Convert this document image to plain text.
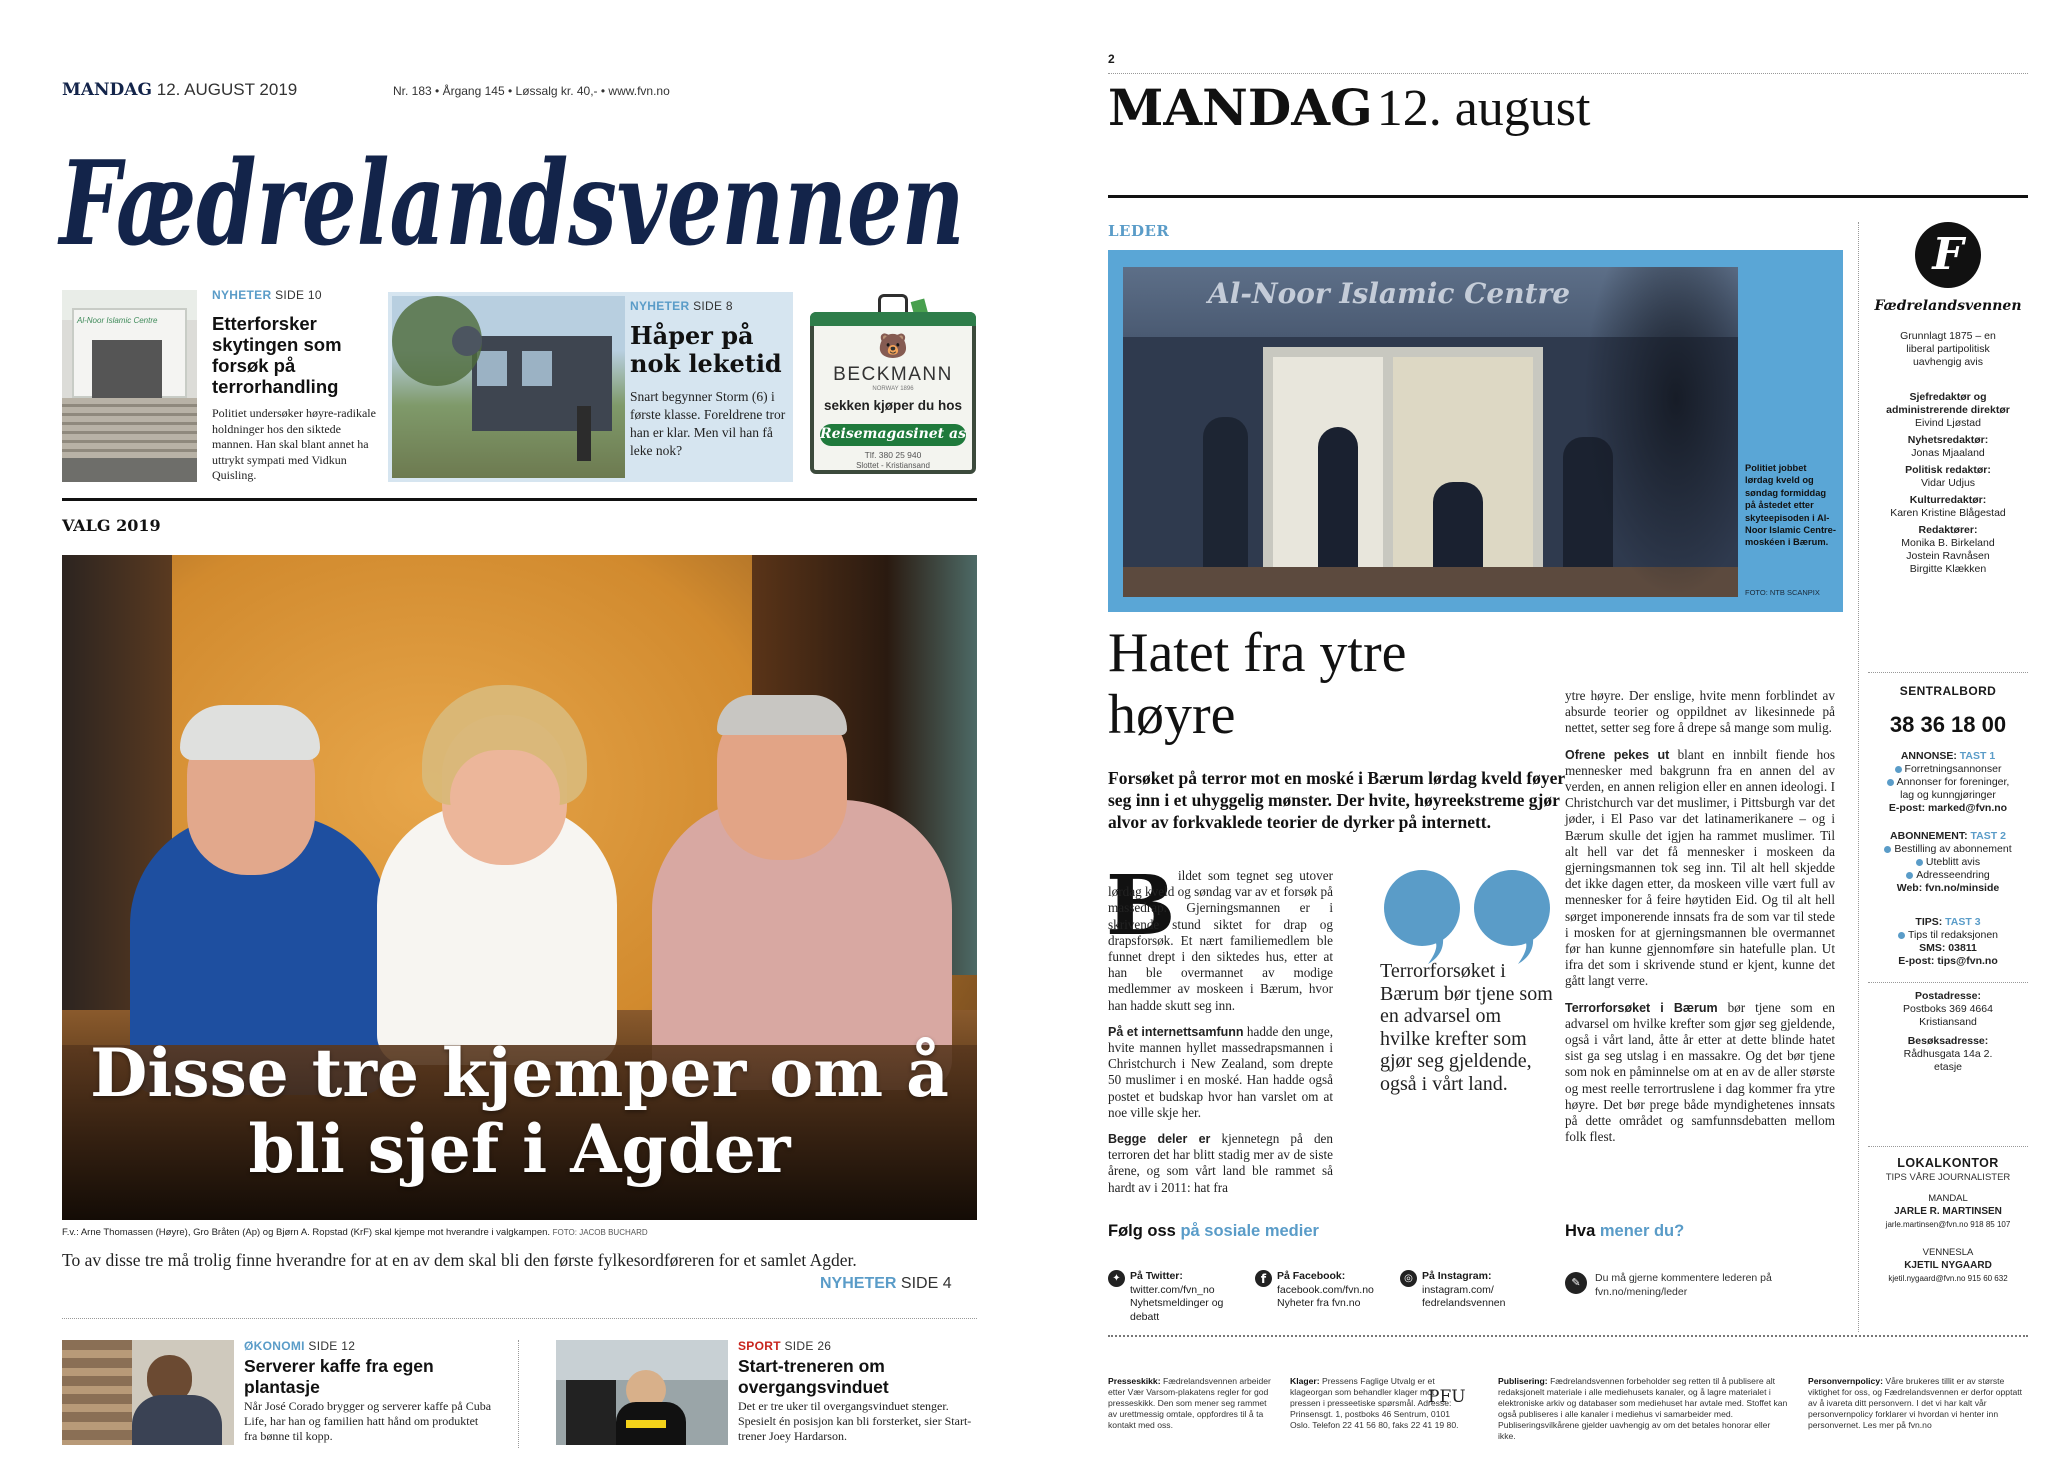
MANDAG 12. AUGUST 2019	Nr. 183 • Årgang 145 • Løssalg kr. 40,- • www.fvn.no
Fædrelandsvennen
Al-Noor Islamic Centre
NYHETER SIDE 10
Etterforsker skytingen som forsøk på terrorhandling
Politiet undersøker høyre-radikale holdninger hos den siktede mannen. Han skal blant annet ha uttrykt sympati med Vidkun Quisling.
NYHETER SIDE 8
Håper på nok leketid
Snart begynner Storm (6) i første klasse. Foreldrene tror han er klar. Men vil han få leke nok?
🐻
BECKMANN
NORWAY 1896
sekken kjøper du hos
Reisemagasinet as
Tlf. 380 25 940
Slottet - Kristiansand
VALG 2019
Disse tre kjemper om å bli sjef i Agder
F.v.: Arne Thomassen (Høyre), Gro Bråten (Ap) og Bjørn A. Ropstad (KrF) skal kjempe mot hverandre i valgkampen. FOTO: JACOB BUCHARD
To av disse tre må trolig finne hverandre for at en av dem skal bli den første fylkesordføreren for et samlet Agder.
NYHETER SIDE 4
ØKONOMI SIDE 12
Serverer kaffe fra egen plantasje
Når José Corado brygger og serverer kaffe på Cuba Life, har han og familien hatt hånd om produktet fra bønne til kopp.
SPORT SIDE 26
Start-treneren om overgangsvinduet
Det er tre uker til overgangsvinduet stenger. Spesielt én posisjon kan bli forsterket, sier Start-trener Joey Hardarson.
2
MANDAG 12. august
LEDER
Al-Noor Islamic Centre
Politiet jobbet lørdag kveld og søndag formiddag på åstedet etter skyteepisoden i Al-Noor Islamic Centre-moskéen i Bærum.
FOTO: NTB SCANPIX
Hatet fra ytre høyre
Forsøket på terror mot en moské i Bærum lørdag kveld føyer seg inn i et uhyggelig mønster. Der hvite, høyreekstreme gjør alvor av forkvaklede teorier de dyrker på internett.
B ildet som tegnet seg utover lørdag kveld og søndag var av et forsøk på massedrap. Gjerningsmannen er i skrivende stund siktet for drap og drapsforsøk. Et nært familiemedlem ble funnet drept i den siktedes hus, etter at han ble overmannet av modige medlemmer av moskeen i Bærum, hvor han hadde skutt seg inn.

På et internettsamfunn hadde den unge, hvite mannen hyllet massedrapsmannen i Christchurch i New Zealand, som drepte 50 muslimer i en moské. Han hadde også postet et budskap hvor han varslet om at noe ville skje her.

Begge deler er kjennetegn på den terroren det har blitt stadig mer av de siste årene, og som vårt land ble rammet så hardt av i 2011: hat fra

Terrorforsøket i Bærum bør tjene som en advarsel om hvilke krefter som gjør seg gjeldende, også i vårt land.

ytre høyre. Der enslige, hvite menn forblindet av absurde teorier og oppildnet av likesinnede på nettet, setter seg fore å drepe så mange som mulig.

Ofrene pekes ut blant en innbilt fiende hos mennesker med bakgrunn fra en annen del av verden, en annen religion eller en annen ideologi. I Christchurch var det muslimer, i Pittsburgh var det jøder, i El Paso var det latinamerikanere – og i Bærum skulle det igjen ha rammet muslimer. Til alt hell var det få mennesker i moskeen da gjerningsmannen tok seg inn. Til alt hell skjedde det ikke dagen etter, da moskeen ville vært full av mennesker for å feire høytiden Eid. Og til alt hell sørget imponerende innsats fra de som var til stede i mosken for at gjerningsmannen ble overmannet før han kunne gjennomføre sin hatefulle plan. Ut ifra det som i skrivende stund er kjent, kunne det gått langt verre.

Terrorforsøket i Bærum bør tjene som en advarsel om hvilke krefter som gjør seg gjeldende, også i vårt land, åtte år etter at dette blinde hatet sist ga seg utslag i en massakre. Og det bør tjene som nok en påminnelse om at en av de aller største og mest reelle terrortruslene i dag kommer fra ytre høyre. Det bør prege både myndighetenes innsats på dette området og samfunnsdebatten mellom folk flest.

Følg oss på sosiale medier
✦ På Twitter:
twitter.com/fvn_no Nyhetsmeldinger og debatt
f	På Facebook:
facebook.com/fvn.no Nyheter fra fvn.no
◎ På Instagram:
instagram.com/ fedrelandsvennen
Hva mener du?
✎	Du må gjerne kommentere lederen på fvn.no/mening/leder
Presseskikk: Fædrelandsvennen arbeider etter Vær Varsom-plakatens regler for god presseskikk. Den som mener seg rammet av urettmessig omtale, oppfordres til å ta kontakt med oss.
Klager: Pressens Faglige Utvalg er et klageorgan som behandler klager mot pressen i presseetiske spørsmål. Adresse: Prinsensgt. 1, postboks 46 Sentrum, 0101 Oslo. Telefon 22 41 56 80, faks 22 41 19 80.
PFU
Publisering: Fædrelandsvennen forbeholder seg retten til å publisere alt redaksjonelt materiale i alle mediehusets kanaler, og å lagre materialet i elektroniske arkiv og databaser som mediehuset har avtale med. Stoffet kan også publiseres i alle kanaler i mediehus vi samarbeider med. Publiseringsvilkårene gjelder uavhengig av om det betales honorar eller ikke.
Personvernpolicy: Våre brukeres tillit er av største viktighet for oss, og Fædrelandsvennen er derfor opptatt av å ivareta ditt personvern. I det vi har kalt vår personvernpolicy forklarer vi hvordan vi henter inn personvernet. Les mer på fvn.no
F
Fædrelandsvennen
Grunnlagt 1875 – en liberal partipolitisk uavhengig avis
Sjefredaktør og administrerende direktør
Eivind Ljøstad
Nyhetsredaktør:
Jonas Mjaaland
Politisk redaktør:
Vidar Udjus
Kulturredaktør:
Karen Kristine Blågestad
Redaktører:
Monika B. Birkeland Jostein Ravnåsen Birgitte Klækken
SENTRALBORD
38 36 18 00
ANNONSE: TAST 1
Forretningsannonser
Annonser for foreninger, lag og kunngjøringer
E-post: marked@fvn.no
ABONNEMENT: TAST 2
Bestilling av abonnement
Uteblitt avis
Adresseendring
Web: fvn.no/minside
TIPS: TAST 3
Tips til redaksjonen
SMS: 03811
E-post: tips@fvn.no
Postadresse:
Postboks 369 4664 Kristiansand
Besøksadresse:
Rådhusgata 14a 2. etasje
LOKALKONTOR
TIPS VÅRE JOURNALISTER
MANDAL
JARLE R. MARTINSEN
jarle.martinsen@fvn.no 918 85 107
VENNESLA
KJETIL NYGAARD
kjetil.nygaard@fvn.no 915 60 632
